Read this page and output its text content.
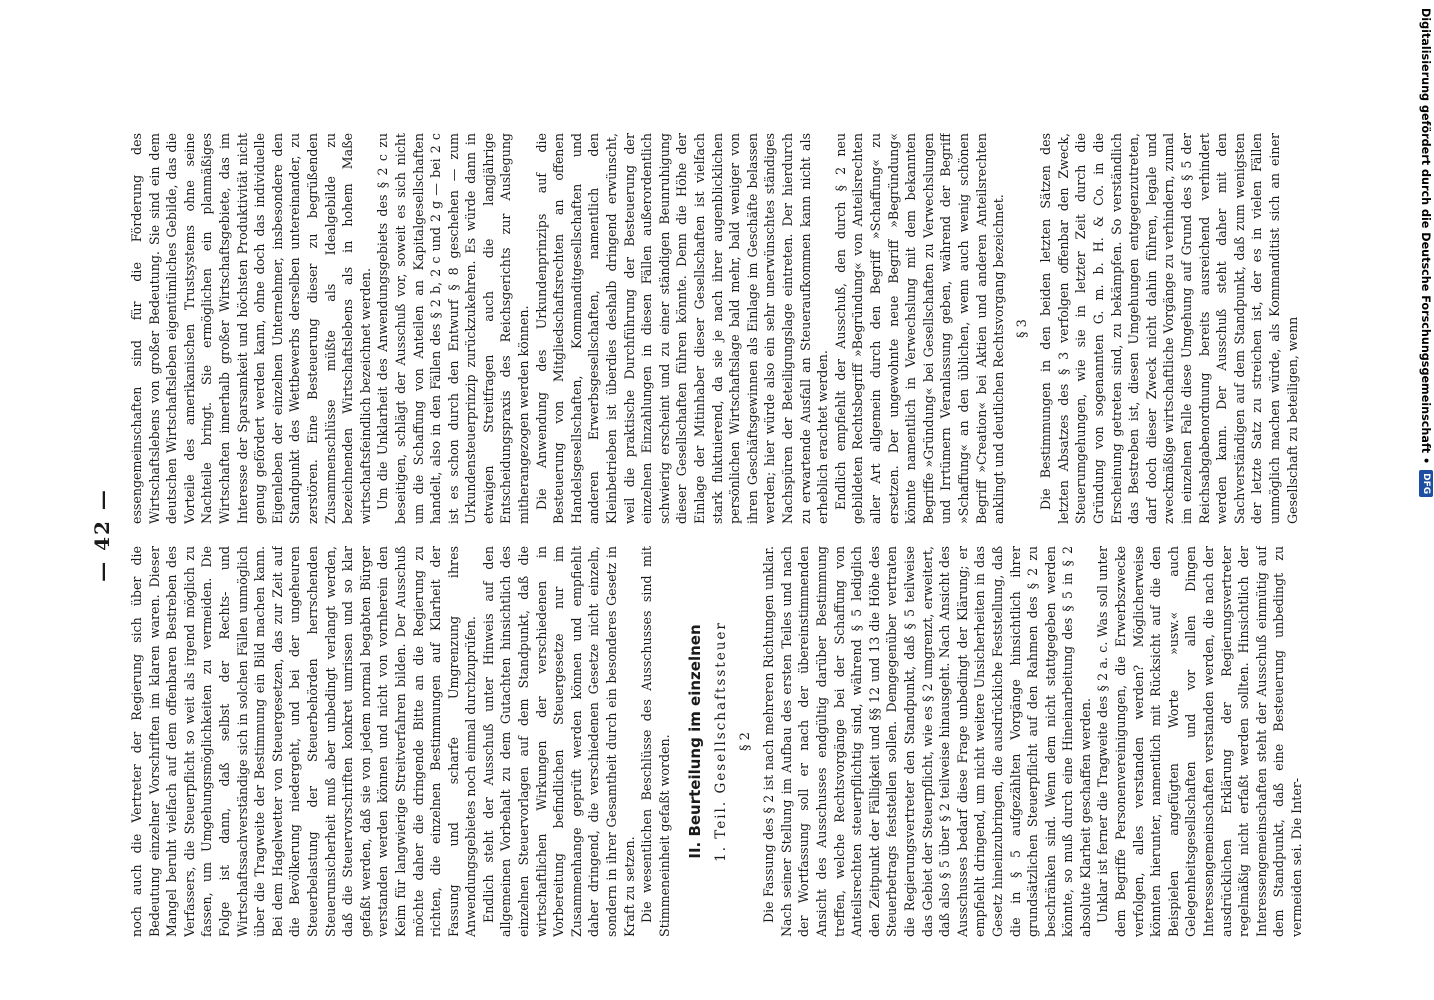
— 42 —

noch auch die Vertreter der Regierung sich über die Bedeutung einzelner Vorschriften im klaren waren. Dieser Mangel beruht vielfach auf dem offenbaren Bestreben des Verfassers, die Steuerpflicht so weit als irgend möglich zu fassen, um Umgehungsmöglichkeiten zu vermeiden. Die Folge ist dann, daß selbst der Rechts- und Wirtschaftssachverständige sich in solchen Fällen unmöglich über die Tragweite der Bestimmung ein Bild machen kann. Bei dem Hagelwetter von Steuergesetzen, das zur Zeit auf die Bevölkerung niedergeht, und bei der ungeheuren Steuerbelastung der Steuerbehörden herrschenden Steuerunsicherheit muß aber unbedingt verlangt werden, daß die Steuervorschriften konkret umrissen und so klar gefaßt werden, daß sie von jedem normal begabten Bürger verstanden werden können und nicht von vornherein den Keim für langwierige Streitverfahren bilden. Der Ausschuß möchte daher die dringende Bitte an die Regierung zu richten, die einzelnen Bestimmungen auf Klarheit der Fassung und scharfe Umgrenzung ihres Anwendungsgebietes noch einmal durchzuprüfen. Endlich steht der Ausschuß unter Hinweis auf den allgemeinen Vorbehalt zu dem Gutachten hinsichtlich des einzelnen Steuervorlagen auf dem Standpunkt, daß die wirtschaftlichen Wirkungen der verschiedenen in Vorbereitung befindlichen Steuergesetze nur im Zusammenhange geprüft werden können und empfiehlt daher dringend, die verschiedenen Gesetze nicht einzeln, sondern in ihrer Gesamtheit durch ein besonderes Gesetz in Kraft zu setzen. Die wesentlichen Beschlüsse des Ausschusses sind mit Stimmeneinheit gefaßt worden. II. Beurteilung im einzelnen 1. Teil. Gesellschaftssteuer § 2 Die Fassung des § 2 ist nach mehreren Richtungen unklar. Nach seiner Stellung im Aufbau des ersten Teiles und nach der Wortfassung soll er nach der übereinstimmenden Ansicht des Ausschusses endgültig darüber Bestimmung treffen, welche Rechtsvorgänge bei der Schaffung von Anteilsrechten steuerpflichtig sind, während § 5 lediglich den Zeitpunkt der Fälligkeit und §§ 12 und 13 die Höhe des Steuerbetrags feststellen sollen. Demgegenüber vertraten die Regierungsvertreter den Standpunkt, daß § 5 teilweise das Gebiet der Steuerpflicht, wie es § 2 umgrenzt, erweitert, daß also § 5 über § 2 teilweise hinausgeht. Nach Ansicht des Ausschusses bedarf diese Frage unbedingt der Klärung; er empfiehlt dringend, um nicht weitere Unsicherheiten in das Gesetz hineinzubringen, die ausdrückliche Feststellung, daß die in § 5 aufgezählten Vorgänge hinsichtlich ihrer grundsätzlichen Steuerpflicht auf den Rahmen des § 2 zu beschränken sind. Wenn dem nicht stattgegeben werden könnte, so muß durch eine Hineinarbeitung des § 5 in § 2 absolute Klarheit geschaffen werden. Unklar ist ferner die Tragweite des § 2 a. c. Was soll unter dem Begriffe Personenvereinigungen, die Erwerbszwecke verfolgen, alles verstanden werden? Möglicherweise könnten hierunter, namentlich mit Rücksicht auf die den Beispielen angefügten Worte »usw.« auch Gelegenheitsgesellschaften und vor allen Dingen Interessengemeinschaften verstanden werden, die nach der ausdrücklichen Erklärung der Regierungsvertreter regelmäßig nicht erfaßt werden sollten. Hinsichtlich der Interessengemeinschaften steht der Ausschuß einmütig auf dem Standpunkt, daß eine Besteuerung unbedingt zu vermeiden sei. Die Inter-

essengemeinschaften sind für die Förderung des Wirtschaftslebens von großer Bedeutung. Sie sind ein dem deutschen Wirtschaftsleben eigentümliches Gebilde, das die Vorteile des amerikanischen Trustsystems ohne seine Nachteile bringt. Sie ermöglichen ein planmäßiges Wirtschaften innerhalb großer Wirtschaftsgebiete, das im Interesse der Sparsamkeit und höchsten Produktivität nicht genug gefördert werden kann, ohne doch das individuelle Eigenleben der einzelnen Unternehmer, insbesondere den Standpunkt des Wettbewerbs derselben untereinander, zu zerstören. Eine Besteuerung dieser zu begrüßenden Zusammenschlüsse müßte als Idealgebilde zu bezeichnenden Wirtschaftslebens als in hohem Maße wirtschaftsfeindlich bezeichnet werden. Um die Unklarheit des Anwendungsgebiets des § 2 c zu beseitigen, schlägt der Ausschuß vor, soweit es sich nicht um die Schaffung von Anteilen an Kapitalgesellschaften handelt, also in den Fällen des § 2 b, 2 c und 2 g — bei 2 c ist es schon durch den Entwurf § 8 geschehen — zum Urkundensteuerprinzip zurückzukehren. Es würde dann in etwaigen Streitfragen auch die langjährige Entscheidungspraxis des Reichsgerichts zur Auslegung mitherangezogen werden können. Die Anwendung des Urkundenprinzips auf die Besteuerung von Mitgliedschaftsrechten an offenen Handelsgesellschaften, Kommanditgesellschaften und anderen Erwerbsgesellschaften, namentlich den Kleinbetrieben ist überdies deshalb dringend erwünscht, weil die praktische Durchführung der Besteuerung der einzelnen Einzahlungen in diesen Fällen außerordentlich schwierig erscheint und zu einer ständigen Beunruhigung dieser Gesellschaften führen könnte. Denn die Höhe der Einlage der Mitinhaber dieser Gesellschaften ist vielfach stark fluktuierend, da sie je nach ihrer augenblicklichen persönlichen Wirtschaftslage bald mehr, bald weniger von ihren Geschäftsgewinnen als Einlage im Geschäfte belassen werden; hier würde also ein sehr unerwünschtes ständiges Nachspüren der Beteiligungslage eintreten. Der hierdurch zu erwartende Ausfall an Steueraufkommen kann nicht als erheblich erachtet werden. Endlich empfiehlt der Ausschuß, den durch § 2 neu gebildeten Rechtsbegriff »Begründung« von Anteilsrechten aller Art allgemein durch den Begriff »Schaffung« zu ersetzen. Der ungewohnte neue Begriff »Begründung« könnte namentlich in Verwechslung mit dem bekannten Begriffe »Gründung« bei Gesellschaften zu Verwechslungen und Irrtümern Veranlassung geben, während der Begriff »Schaffung« an den üblichen, wenn auch wenig schönen Begriff »Creation« bei Aktien und anderen Anteilsrechten anklingt und deutlichen Rechtsvorgang bezeichnet. § 3 Die Bestimmungen in den beiden letzten Sätzen des letzten Absatzes des § 3 verfolgen offenbar den Zweck, Steuerumgehungen, wie sie in letzter Zeit durch die Gründung von sogenannten G. m. b. H. & Co. in die Erscheinung getreten sind, zu bekämpfen. So verständlich das Bestreben ist, diesen Umgehungen entgegenzutreten, darf doch dieser Zweck nicht dahin führen, legale und zweckmäßige wirtschaftliche Vorgänge zu verhindern, zumal im einzelnen Falle diese Umgehung auf Grund des § 5 der Reichsabgabenordnung bereits ausreichend verhindert werden kann. Der Ausschuß steht daher mit den Sachverständigen auf dem Standpunkt, daß zum wenigsten der letzte Satz zu streichen ist, der es in vielen Fällen unmöglich machen würde, als Kommanditist sich an einer Gesellschaft zu beteiligen, wenn	Digitalisierung gefördert durch die Deutsche Forschungsgemeinschaft •
DFG
